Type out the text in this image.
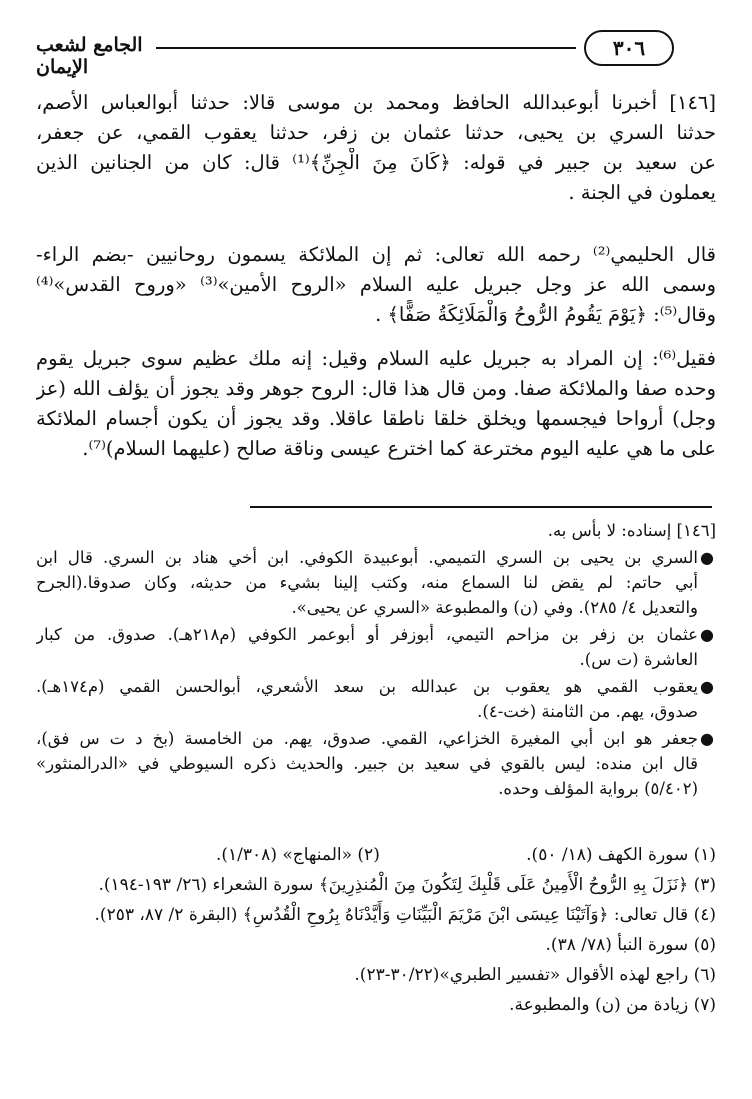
٣٠٦
الجامع لشعب الإيمان
[١٤٦] أخبرنا أبوعبدالله الحافظ ومحمد بن موسى قالا: حدثنا أبوالعباس الأصم،
حدثنا السري بن يحيى، حدثنا عثمان بن زفر، حدثنا يعقوب القمي، عن جعفر،
عن سعيد بن جبير في قوله: ﴿كَانَ مِنَ الْجِنِّ﴾⁽¹⁾ قال: كان من الجنانين الذين
يعملون في الجنة .
قال الحليمي⁽²⁾ رحمه الله تعالى: ثم إن الملائكة يسمون روحانيين -بضم الراء-
وسمى الله عز وجل جبريل عليه السلام «الروح الأمين»⁽³⁾ «وروح القدس»⁽⁴⁾
وقال⁽⁵⁾: ﴿يَوْمَ يَقُومُ الرُّوحُ وَالْمَلَائِكَةُ صَفًّا﴾ .
فقيل⁽⁶⁾: إن المراد به جبريل عليه السلام وقيل: إنه ملك عظيم سوى جبريل يقوم
وحده صفا والملائكة صفا. ومن قال هذا قال: الروح جوهر وقد يجوز أن يؤلف الله (عز
وجل) أرواحا فيجسمها ويخلق خلقا ناطقا عاقلا. وقد يجوز أن يكون أجسام الملائكة
على ما هي عليه اليوم مخترعة كما اخترع عيسى وناقة صالح (عليهما السلام)⁽⁷⁾.
[١٤٦] إسناده: لا بأس به.
●
السري بن يحيى بن السري التميمي. أبوعبيدة الكوفي. ابن أخي هناد بن السري. قال ابن
أبي حاتم: لم يقض لنا السماع منه، وكتب إلينا بشيء من حديثه، وكان صدوقا.(الجرح
والتعديل ٤/ ٢٨٥). وفي (ن) والمطبوعة «السري عن يحيى».
●
عثمان بن زفر بن مزاحم التيمي، أبوزفر أو أبوعمر الكوفي (م٢١٨هـ). صدوق. من كبار
العاشرة (ت س).
●
يعقوب القمي هو يعقوب بن عبدالله بن سعد الأشعري، أبوالحسن القمي (م١٧٤هـ).
صدوق، يهم. من الثامنة (خت-٤).
●
جعفر هو ابن أبي المغيرة الخزاعي، القمي. صدوق، يهم. من الخامسة (بخ د ت س فق)،
قال ابن منده: ليس بالقوي في سعيد بن جبير. والحديث ذكره السيوطي في «الدرالمنثور»
(٥/٤٠٢) برواية المؤلف وحده.
(١) سورة الكهف (١٨/ ٥٠).
(٢) «المنهاج» (١/٣٠٨).
(٣) ﴿نَزَلَ بِهِ الرُّوحُ الْأَمِينُ عَلَى قَلْبِكَ لِتَكُونَ مِنَ الْمُنذِرِينَ﴾ سورة الشعراء (٢٦/ ١٩٣-١٩٤).
(٤) قال تعالى: ﴿وَآتَيْنَا عِيسَى ابْنَ مَرْيَمَ الْبَيِّنَاتِ وَأَيَّدْنَاهُ بِرُوحِ الْقُدُسِ﴾ (البقرة ٢/ ٨٧، ٢٥٣).
(٥) سورة النبأ (٧٨/ ٣٨).
(٦) راجع لهذه الأقوال «تفسير الطبري»(٣٠/٢٢-٢٣).
(٧) زيادة من (ن) والمطبوعة.
